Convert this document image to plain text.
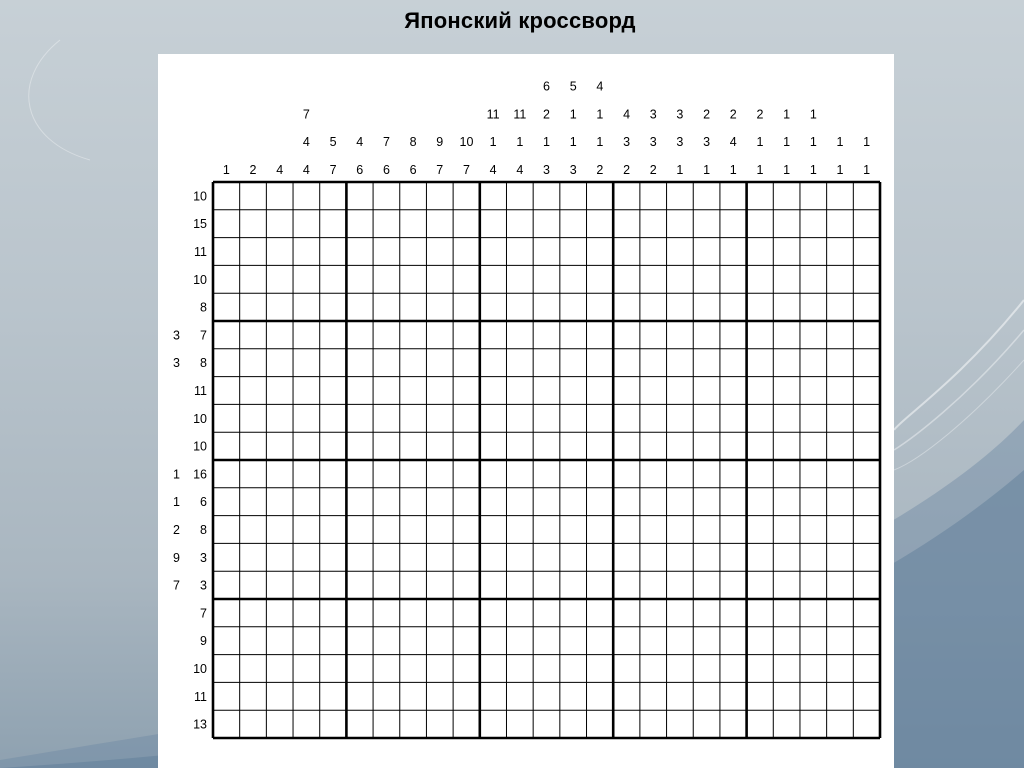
Японский кроссворд
1 2 4
7
4
4
5
7
4
6
7
6
8
6
9
7
10
7
11
1
4
11
1
4
6
2
1
3
5
1
1
3
4
1
1
2
4
3
2
3
3
2
3
3
1
2
3
1
2
4
1
2
1
1
1
1
1
1
1
1
1
1
1
1
10
15
11
10
8
3 7
3 8
11
10
10
1 16
1 6
2 8
9 3
7 3
7
9
10
11
13
